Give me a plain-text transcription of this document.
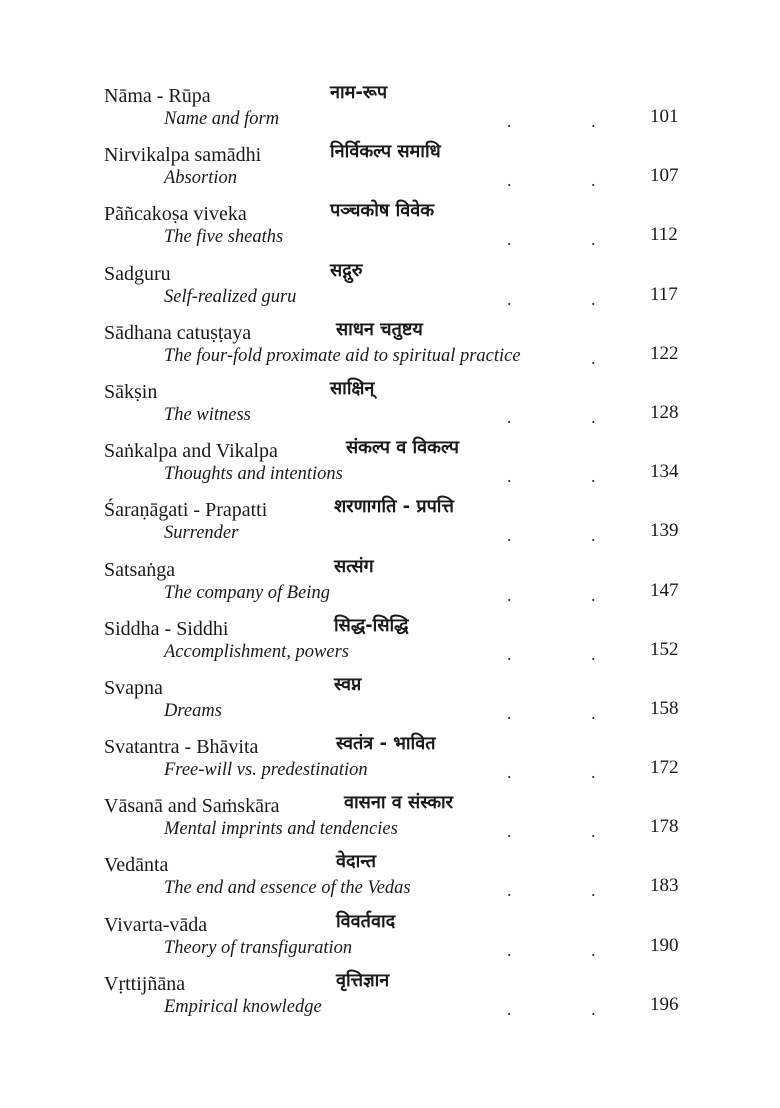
Nāma - Rūpa	नाम-रूप
Name and form	.	.	101
Nirvikalpa samādhi	निर्विकल्प समाधि
Absortion	.	.	107
Pãñcakoṣa viveka	पञ्चकोष विवेक
The five sheaths	.	.	112
Sadguru	सद्गुरु
Self-realized guru	.	.	117
Sādhana catuṣṭaya	साधन चतुष्टय
The four-fold proximate aid to spiritual practice	.	122
Sākṣin	साक्षिन्
The witness	.	.	128
Saṅkalpa and Vikalpa	संकल्प व विकल्प
Thoughts and intentions	.	.	134
Śaraṇāgati - Prapatti	शरणागति - प्रपत्ति
Surrender	.	.	139
Satsaṅga	सत्संग
The company of Being	.	.	147
Siddha - Siddhi	सिद्ध-सिद्धि
Accomplishment, powers	.	.	152
Svapna	स्वप्न
Dreams	.	.	158
Svatantra - Bhāvita	स्वतंत्र - भावित
Free-will vs. predestination	.	.	172
Vāsanā and Saṁskāra	वासना व संस्कार
Mental imprints and tendencies	.	.	178
Vedānta	वेदान्त
The end and essence of the Vedas	.	.	183
Vivarta-vāda	विवर्तवाद
Theory of transfiguration	.	.	190
Vṛttijñāna	वृत्तिज्ञान
Empirical knowledge	.	.	196
